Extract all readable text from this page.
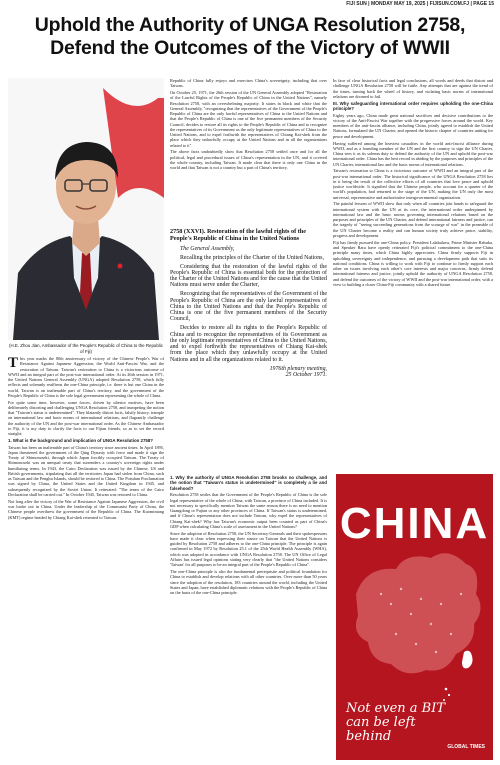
FIJI SUN | MONDAY MAY 19, 2025 | FIJISUN.COM.FJ | PAGE 15
Uphold the Authority of UNGA Resolution 2758, Defend the Outcomes of the Victory of WWII
(H.E. Zhou Jian, Ambassador of the People's Republic of China to the Republic of Fiji)

This year marks the 80th anniversary of victory of the Chinese People's War of Resistance Against Japanese Aggression, the World Anti-Fascist War, and the restoration of Taiwan. Taiwan's restoration to China is a victorious outcome of WWII and an integral part of the post-war international order. At its 26th session in 1971, the United Nations General Assembly (UNGA) adopted Resolution 2758, which fully reflects and solemnly reaffirms the one-China principle, i.e. there is but one China in the world, Taiwan is an inalienable part of China's territory, and the government of the People's Republic of China is the sole legal government representing the whole of China.

For quite some time, however, some forces, driven by ulterior motives, have been deliberately distorting and challenging UNGA Resolution 2758, and trumpeting the notion that "Taiwan's status is undetermined". They blatantly distort facts, falsify history, trample on international law and basic norms of international relations, and flagrantly challenge the authority of the UN and the post-war international order. As the Chinese Ambassador to Fiji, it is my duty to clarify the facts to our Fijian friends, so as to set the record straight:

1. What is the background and implication of UNGA Resolution 2758?

Taiwan has been an inalienable part of China's territory since ancient times. In April 1895, Japan threatened the government of the Qing Dynasty with force and made it sign the Treaty of Shimonoseki, through which Japan forcibly occupied Taiwan. The Treaty of Shimonoseki was an unequal treaty that surrenders a country's sovereign rights under humiliating terms. In 1943, the Cairo Declaration was issued by the Chinese, US and British governments, stipulating that all the territories Japan had stolen from China, such as Taiwan and the Penghu Islands, should be restored to China. The Potsdam Proclamation was signed by China, the United States and the United Kingdom in 1945, and subsequently recognized by the Soviet Union. It reiterated: "The terms of the Cairo Declaration shall be carried out." In October 1945, Taiwan was restored to China.

Not long after the victory of the War of Resistance Against Japanese Aggression, the civil war broke out in China. Under the leadership of the Communist Party of China, the Chinese people overthrew the government of the Republic of China. The Kuomintang (KMT) regime headed by Chiang Kai-shek retreated to Taiwan.

Republic of China fully enjoys and exercises China's sovereignty, including that over Taiwan.

On October 25, 1971, the 26th session of the UN General Assembly adopted "Restoration of the Lawful Rights of the People's Republic of China in the United Nations", namely Resolution 2758, with an overwhelming majority. It states in black and white that the General Assembly, "recognizing that the representatives of the Government of the People's Republic of China are the only lawful representatives of China to the United Nations and that the People's Republic of China is one of the five permanent members of the Security Council, decides to restore all its rights to the People's Republic of China and to recognize the representatives of its Government as the only legitimate representatives of China to the United Nations, and to expel forthwith the representatives of Chiang Kai-shek from the place which they unlawfully occupy at the United Nations and in all the organizations related to it".

The above facts undoubtedly show that Resolution 2758 settled once and for all the political, legal and procedural issues of China's representation in the UN, and it covered the whole country, including Taiwan. It made clear that there is only one China in the world and that Taiwan is not a country but a part of China's territory.

2758 (XXVI). Restoration of the lawful rights of the People's Republic of China in the United Nations

The General Assembly,

Recalling the principles of the Charter of the United Nations,

Considering that the restoration of the lawful rights of the People's Republic of China is essential both for the protection of the Charter of the United Nations and for the cause that the United Nations must serve under the Charter,

Recognizing that the representatives of the Government of the People's Republic of China are the only lawful representatives of China to the United Nations and that the People's Republic of China is one of the five permanent members of the Security Council,

Decides to restore all its rights to the People's Republic of China and to recognize the representatives of its Government as the only legitimate representatives of China to the United Nations, and to expel forthwith the representatives of Chiang Kai-shek from the place which they unlawfully occupy at the United Nations and in all the organizations related to it.

1976th plenary meeting,
25 October 1971.
1. Why the authority of UNGA Resolution 2758 brooks no challenge, and the notion that "Taiwan's status is undetermined" is completely a lie and falsehood?

Resolution 2758 settles that the Government of the People's Republic of China is the sole legal representative of the whole of China, with Taiwan, a province of China included. It is not necessary to specifically mention Taiwan the same reason there is no need to mention Guangdong or Fujian or any other provinces of China. If Taiwan's status is undetermined, and if China's representation does not include Taiwan, why expel the representatives of Chiang Kai-shek? Why has Taiwan's economic output been counted as part of China's GDP when calculating China's scale of assessment in the United Nations?

Since the adoption of Resolution 2758, the UN Secretary-Generals and their spokespersons have made it clear when expressing their stance on Taiwan that the United Nations is guided by Resolution 2758 and adheres to the one-China principle. The principle is again confirmed in May 1972 by Resolution 25.1 of the 25th World Health Assembly (WHA), which was adopted in accordance with UNGA Resolution 2758. The UN Office of Legal Affairs has issued legal opinions stating very clearly that "the United Nations considers 'Taiwan' for all purposes to be an integral part of the People's Republic of China".

The one-China principle is also the fundamental prerequisite and political foundation for China to establish and develop relations with all other countries. Over more than 50 years since the adoption of the resolution, 183 countries around the world, including the United States and Japan, have established diplomatic relations with the People's Republic of China on the basis of the one-China principle.

In face of clear historical facts and legal conclusions, all words and deeds that distort and challenge UNGA Resolution 2758 will be futile. Any attempts that are against the trend of the times, turning back the wheel of history, and violating basic norms of international relations are doomed to fail.

III. Why safeguarding international order requires upholding the one-China principle?

Eighty years ago, China made great national sacrifices and decisive contributions to the victory of the Anti-Fascist War together with the progressive forces around the world. Key members of the anti-fascist alliance, including China, jointly agreed to establish the United Nations, formulated the UN Charter, and opened the historic chapter of countries uniting for peace and development.

Having suffered among the heaviest casualties in the world anti-fascist alliance during WWII, and as a founding member of the UN and the first country to sign the UN Charter, China sees it as its solemn duty to defend the authority of the UN and uphold the post-war international order. China has the best record in abiding by the purposes and principles of the UN Charter, international law and the basic norms of international relations.

Taiwan's restoration to China is a victorious outcome of WWII and an integral part of the post-war international order. The historical significance of the UNGA Resolution 2758 lies in it being the result of the collective efforts of all countries that love peace and uphold justice worldwide. It signified that the Chinese people, who account for a quarter of the world's population, had returned to the stage of the UN, making the UN truly the most universal, representative and authoritative intergovernmental organization.

The painful lessons of WWII show that only when all countries join hands to safeguard the international system with the UN at its core, the international order underpinned by international law and the basic norms governing international relations based on the purposes and principles of the UN Charter, and defend international fairness and justice, can the tragedy of "seeing succeeding generations from the scourge of war" in the preamble of the UN Charter become a reality and can human society truly achieve peace, stability, progress and development.

Fiji has firmly pursued the one-China policy. President Lalabalavu, Prime Minister Rabuka, and Speaker Ratu have openly reiterated Fiji's political commitment to the one-China principle many times, which China highly appreciates. China firmly supports Fiji in upholding sovereignty and independence, and pursuing a development path that suits its national conditions. China is willing to work with Fiji to continue to firmly support each other on issues involving each other's core interests and major concerns, firmly defend international fairness and justice, jointly uphold the authority of UNGA Resolution 2758, and defend the outcomes of the victory of WWII and the post-war international order, with a view to building a closer China-Fiji community with a shared future.

CHINA
Not even a BIT can be left behind
GLOBAL TIMES
